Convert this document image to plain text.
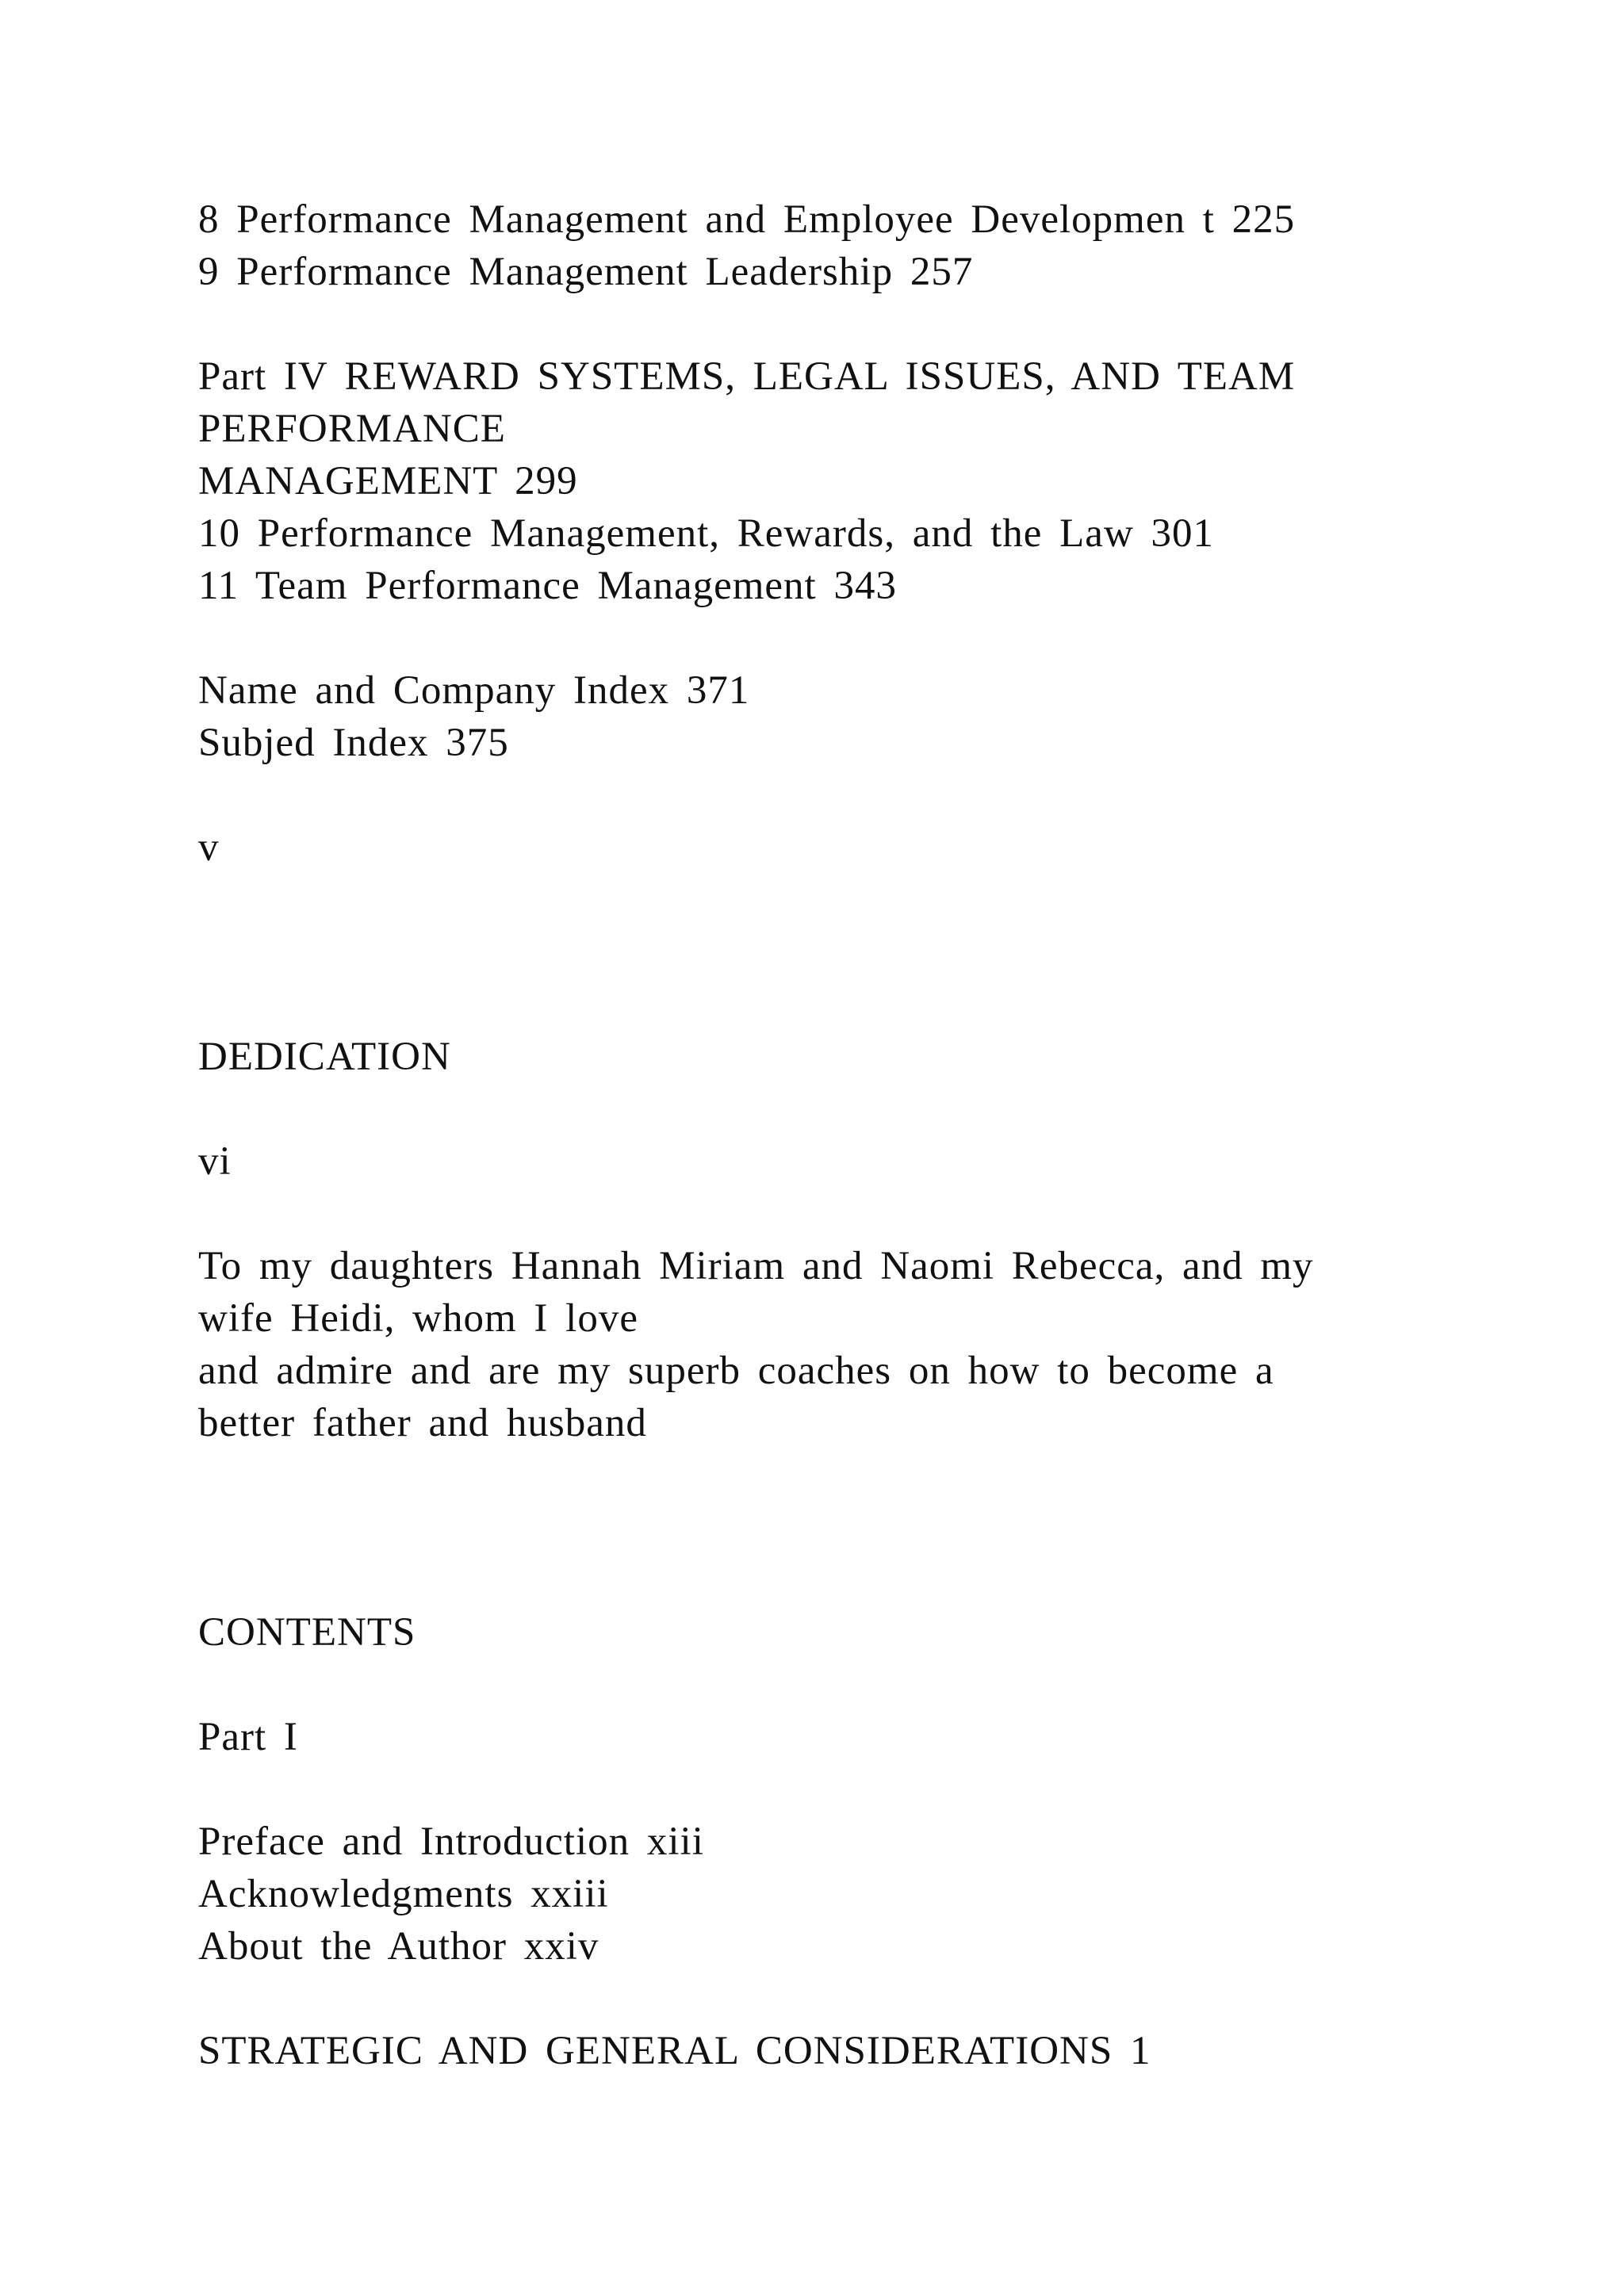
8 Performance Management and Employee Developmen t 225

9 Performance Management Leadership 257

Part IV REWARD SYSTEMS, LEGAL ISSUES, AND TEAM

PERFORMANCE

MANAGEMENT 299

10 Performance Management, Rewards, and the Law 301

11 Team Performance Management 343

Name and Company Index 371

Subjed Index 375

v

DEDICATION

vi

To my daughters Hannah Miriam and Naomi Rebecca, and my

wife Heidi, whom I love

and admire and are my superb coaches on how to become a

better father and husband

CONTENTS

Part I

Preface and Introduction xiii

Acknowledgments xxiii

About the Author xxiv

STRATEGIC AND GENERAL CONSIDERATIONS 1
